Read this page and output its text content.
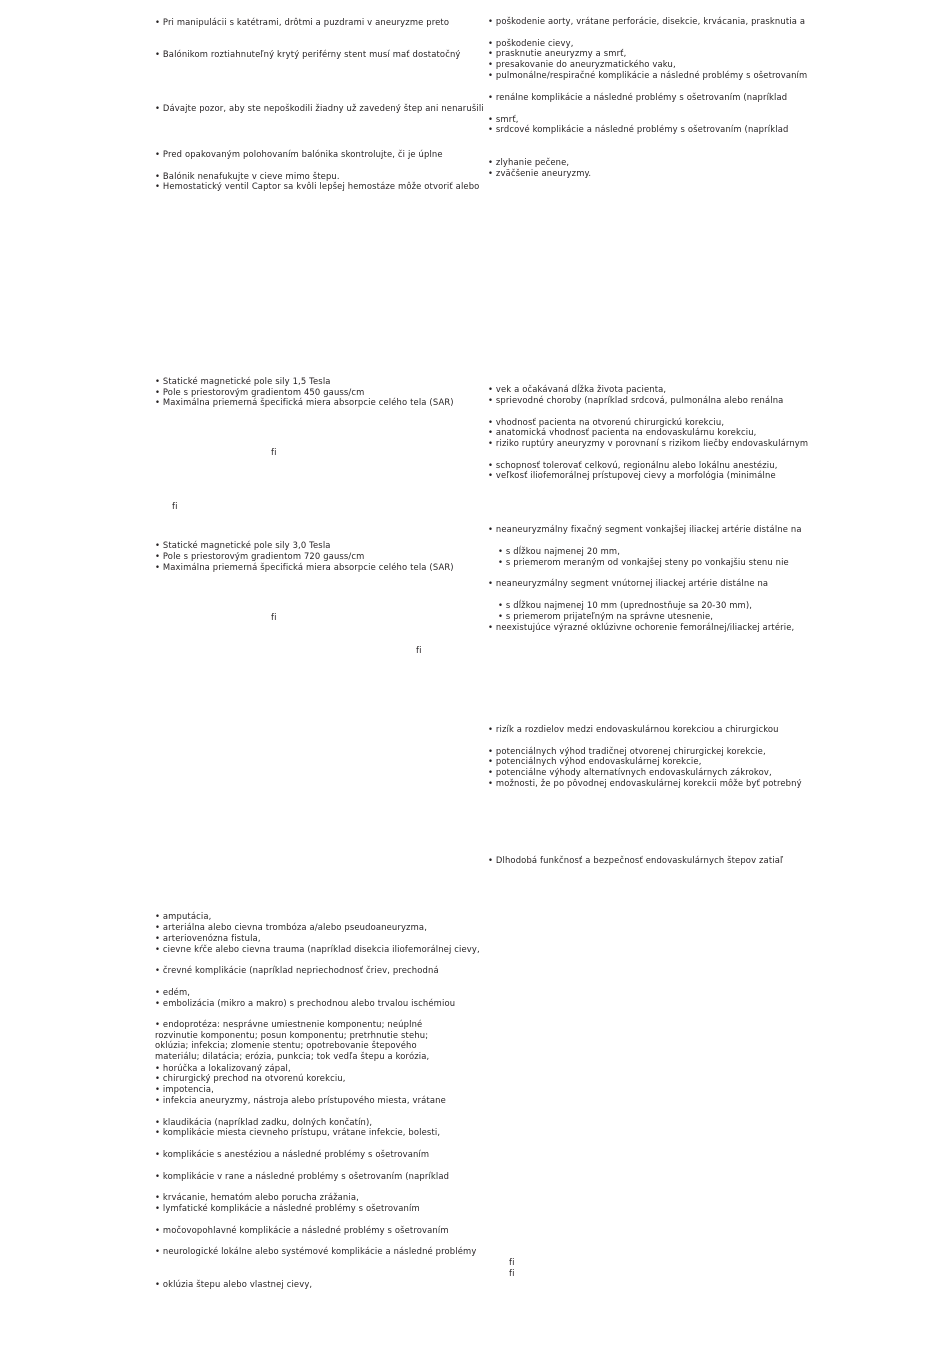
• Pri manipulácii s katétrami, drôtmi a puzdrami v aneuryzme preto
• Balónikom roztiahnuteľný krytý periférny stent musí mať dostatočný
• Dávajte pozor, aby ste nepoškodili žiadny už zavedený štep ani nenarušili
• Pred opakovaným polohovaním balónika skontrolujte, či je úplne
• Balónik nenafukujte v cieve mimo štepu.
• Hemostatický ventil Captor sa kvôli lepšej hemostáze môže otvoriť alebo
• poškodenie aorty, vrátane perforácie, disekcie, krvácania, prasknutia a
• poškodenie cievy,
• prasknutie aneuryzmy a smrť,
• presakovanie do aneuryzmatického vaku,
• pulmonálne/respiračné komplikácie a následné problémy s ošetrovaním
• renálne komplikácie a následné problémy s ošetrovaním (napríklad
• smrť,
• srdcové komplikácie a následné problémy s ošetrovaním (napríklad
• zlyhanie pečene,
• zväčšenie aneuryzmy.
• Statické magnetické pole sily 1,5 Tesla
• Pole s priestorovým gradientom 450 gauss/cm
• Maximálna priemerná špecifická miera absorpcie celého tela (SAR)
fi
fi
• Statické magnetické pole sily 3,0 Tesla
• Pole s priestorovým gradientom 720 gauss/cm
• Maximálna priemerná špecifická miera absorpcie celého tela (SAR)
fi
fi
• vek a očakávaná dĺžka života pacienta,
• sprievodné choroby (napríklad srdcová, pulmonálna alebo renálna
• vhodnosť pacienta na otvorenú chirurgickú korekciu,
• anatomická vhodnosť pacienta na endovaskulárnu korekciu,
• riziko ruptúry aneuryzmy v porovnaní s rizikom liečby endovaskulárnym
• schopnosť tolerovať celkovú, regionálnu alebo lokálnu anestéziu,
• veľkosť iliofemorálnej prístupovej cievy a morfológia (minimálne
• neaneuryzmálny fixačný segment vonkajšej iliackej artérie distálne na
• s dĺžkou najmenej 20 mm,
• s priemerom meraným od vonkajšej steny po vonkajšiu stenu nie
• neaneuryzmálny segment vnútornej iliackej artérie distálne na
• s dĺžkou najmenej 10 mm (uprednostňuje sa 20-30 mm),
• s priemerom prijateľným na správne utesnenie,
• neexistujúce výrazné oklúzivne ochorenie femorálnej/iliackej artérie,
• rizík a rozdielov medzi endovaskulárnou korekciou a chirurgickou
• potenciálnych výhod tradičnej otvorenej chirurgickej korekcie,
• potenciálnych výhod endovaskulárnej korekcie,
• potenciálne výhody alternatívnych endovaskulárnych zákrokov,
• možnosti, že po pôvodnej endovaskulárnej korekcii môže byť potrebný
• Dlhodobá funkčnosť a bezpečnosť endovaskulárnych štepov zatiaľ
• amputácia,
• arteriálna alebo cievna trombóza a/alebo pseudoaneuryzma,
• arteriovenózna fistula,
• cievne kŕče alebo cievna trauma (napríklad disekcia iliofemorálnej cievy,
• črevné komplikácie (napríklad nepriechodnosť čriev, prechodná
• edém,
• embolizácia (mikro a makro) s prechodnou alebo trvalou ischémiou
• endoprotéza: nesprávne umiestnenie komponentu; neúplné rozvinutie komponentu; posun komponentu; pretrhnutie stehu; oklúzia; infekcia; zlomenie stentu; opotrebovanie štepového materiálu; dilatácia; erózia, punkcia; tok vedľa štepu a korózia,
• horúčka a lokalizovaný zápal,
• chirurgický prechod na otvorenú korekciu,
• impotencia,
• infekcia aneuryzmy, nástroja alebo prístupového miesta, vrátane
• klaudikácia (napríklad zadku, dolných končatín),
• komplikácie miesta cievneho prístupu, vrátane infekcie, bolesti,
• komplikácie s anestéziou a následné problémy s ošetrovaním
• komplikácie v rane a následné problémy s ošetrovaním (napríklad
• krvácanie, hematóm alebo porucha zrážania,
• lymfatické komplikácie a následné problémy s ošetrovaním
• močovopohlavné komplikácie a následné problémy s ošetrovaním
• neurologické lokálne alebo systémové komplikácie a následné problémy
• oklúzia štepu alebo vlastnej cievy,
fi
fi
